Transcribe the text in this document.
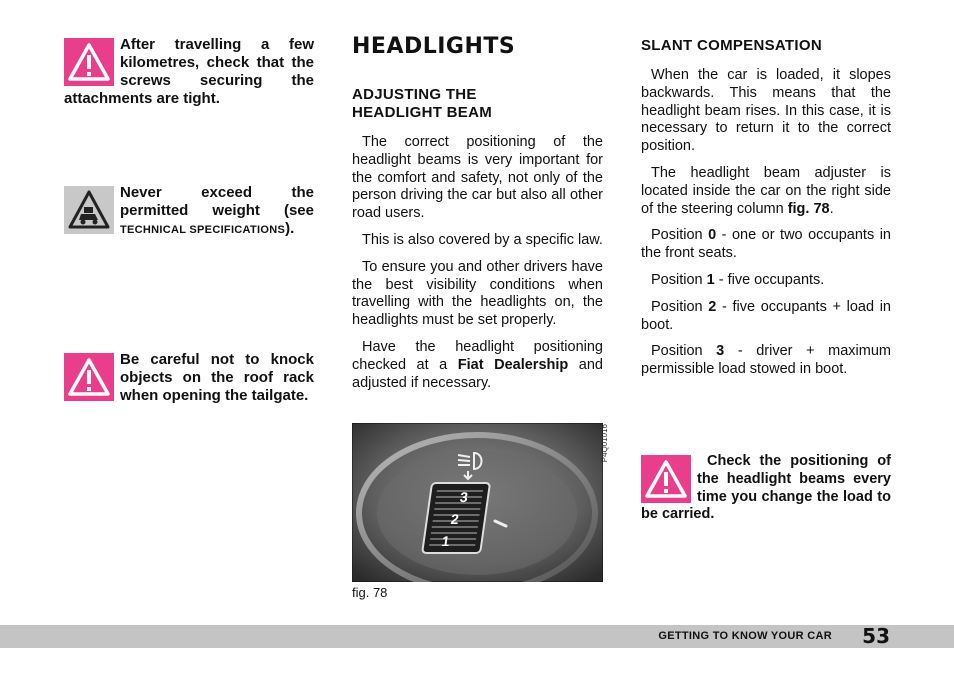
After travelling a few kilometres, check that the screws securing the attachments are tight.

Never exceed the permitted weight (see TECHNICAL SPECIFICATIONS).

Be careful not to knock objects on the roof rack when opening the tailgate.

HEADLIGHTS
ADJUSTING THE
HEADLIGHT BEAM

The correct positioning of the headlight beams is very important for the comfort and safety, not only of the person driving the car but also all other road users.

This is also covered by a specific law.

To ensure you and other drivers have the best visibility conditions when travelling with the headlights on, the headlights must be set properly.

Have the headlight positioning checked at a Fiat Dealership and adjusted if necessary.

3
2
1
P4Q01016
fig. 78
SLANT COMPENSATION

When the car is loaded, it slopes backwards. This means that the headlight beam rises. In this case, it is necessary to return it to the correct position.

The headlight beam adjuster is located inside the car on the right side of the steering column fig. 78.

Position 0 - one or two occupants in the front seats.

Position 1 - five occupants.

Position 2 - five occupants + load in boot.

Position 3 - driver + maximum permissible load stowed in boot.

Check the positioning of the headlight beams every time you change the load to be carried.

GETTING TO KNOW YOUR CAR 53
